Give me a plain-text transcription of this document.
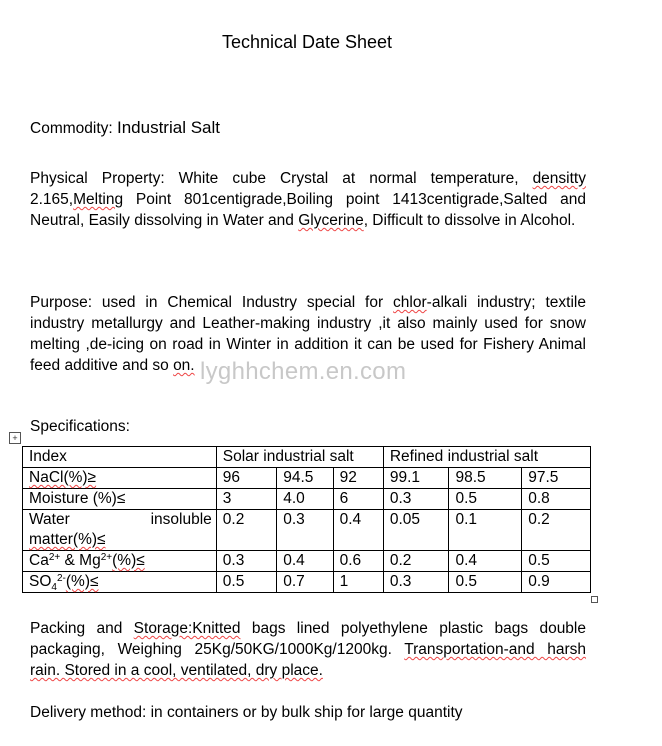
Technical Date Sheet
Commodity: Industrial Salt
Physical Property: White cube Crystal at normal temperature, densitty 2.165,Melting Point 801centigrade,Boiling point 1413centigrade,Salted and Neutral, Easily dissolving in Water and Glycerine, Difficult to dissolve in Alcohol.
Purpose: used in Chemical Industry special for chlor-alkali industry; textile industry metallurgy and Leather-making industry ,it also mainly used for snow melting ,de-icing on road in Winter in addition it can be used for Fishery Animal feed additive and so on. lyghhchem.en.com
Specifications:
+
Index	Solar industrial salt			Refined industrial salt		
NaCl(%)≥	96	94.5	92	99.1	98.5	97.5
Moisture (%)≤	3	4.0	6	0.3	0.5	0.8

Water insoluble
matter(%)≤	0.2	0.3	0.4	0.05	0.1	0.2
$Ca^{2+}$ & $Mg^{2+}(\%)\le$	0.3	0.4	0.6	0.2	0.4	0.5
$SO_4^{2-}(\%)\le$	0.5	0.7	1	0.3	0.5	0.9
Packing and Storage:Knitted bags lined polyethylene plastic bags double packaging, Weighing 25Kg/50KG/1000Kg/1200kg. Transportation-and harsh rain. Stored in a cool, ventilated, dry place.
Delivery method: in containers or by bulk ship for large quantity
